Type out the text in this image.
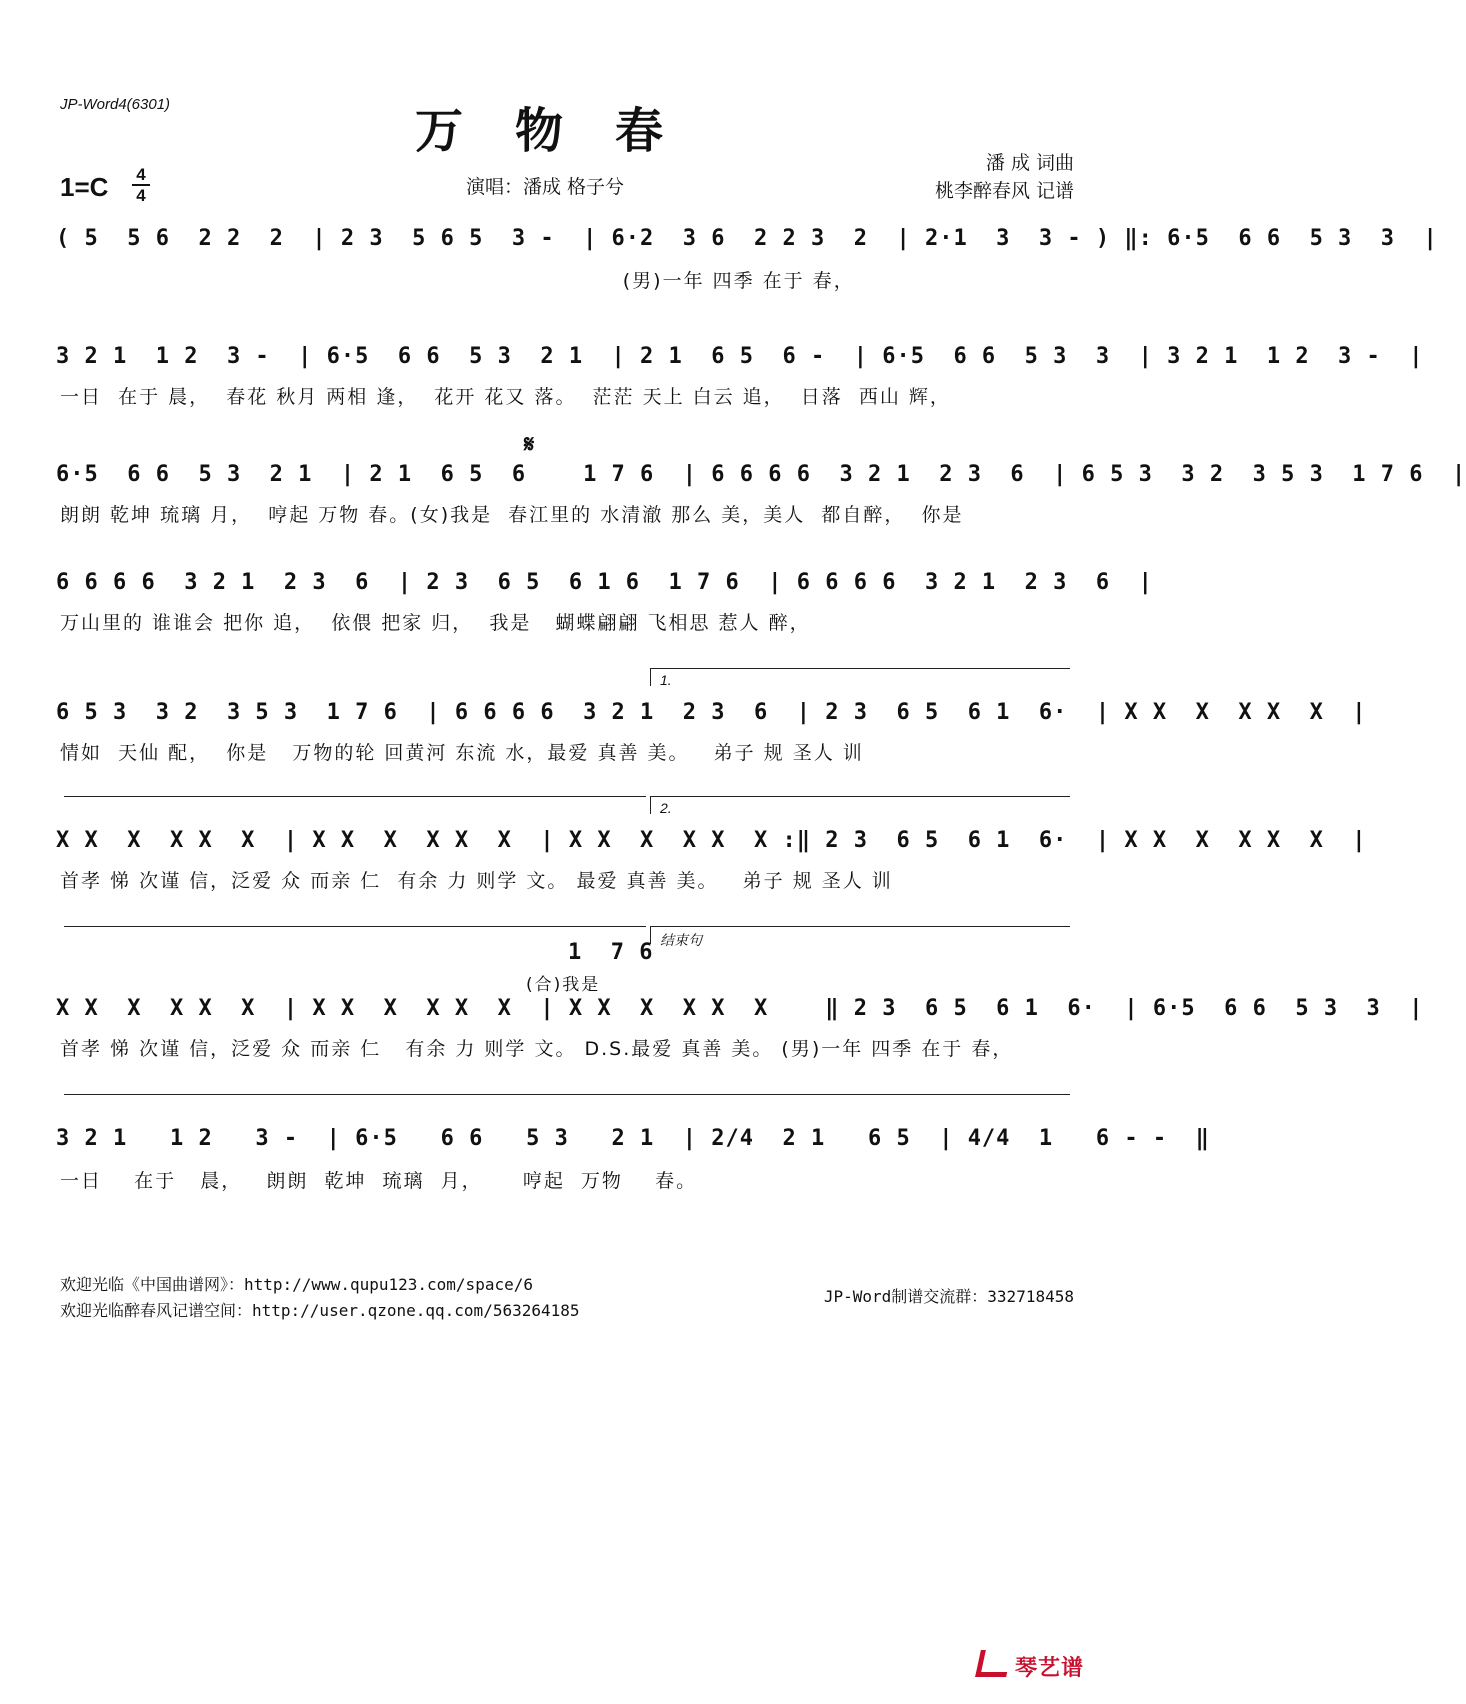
JP-Word4(6301)	万物春
潘 成 词曲
桃李醉春风 记谱
1=C 4
4	演唱：潘成 格子兮
( 5  5 6  2 2  2  | 2 3  5 6 5  3 -  | 6·2  3 6  2 2 3  2  | 2·1  3  3 - ) ‖: 6·5  6 6  5 3  3  |
(男)一年 四季 在于 春，
3 2 1  1 2  3 -  | 6·5  6 6  5 3  2 1  | 2 1  6 5  6 -  | 6·5  6 6  5 3  3  | 3 2 1  1 2  3 -  |
一日  在于 晨，  春花 秋月 两相 逢，  花开 花又 落。  茫茫 天上 白云 追，  日落  西山 辉，
𝄋
6·5  6 6  5 3  2 1  | 2 1  6 5  6    1 7 6  | 6 6 6 6  3 2 1  2 3  6  | 6 5 3  3 2  3 5 3  1 7 6  |
朗朗 乾坤 琉璃 月，  哼起 万物 春。(女)我是  春江里的 水清澈 那么 美，美人  都自醉，  你是
6 6 6 6  3 2 1  2 3  6  | 2 3  6 5  6 1 6  1 7 6  | 6 6 6 6  3 2 1  2 3  6  |
万山里的 谁谁会 把你 追，  依偎 把家 归，  我是   蝴蝶翩翩 飞相思 惹人 醉，
1.
6 5 3  3 2  3 5 3  1 7 6  | 6 6 6 6  3 2 1  2 3  6  | 2 3  6 5  6 1  6·  | X X  X  X X  X  |
情如  天仙 配，  你是   万物的轮 回黄河 东流 水，最爱 真善 美。   弟子 规 圣人 训
2.
X X  X  X X  X  | X X  X  X X  X  | X X  X  X X  X :‖ 2 3  6 5  6 1  6·  | X X  X  X X  X  |
首孝 悌 次谨 信，泛爱 众 而亲 仁  有余 力 则学 文。 最爱 真善 美。   弟子 规 圣人 训
结束句
1  7 6
(合)我是
X X  X  X X  X  | X X  X  X X  X  | X X  X  X X  X    ‖ 2 3  6 5  6 1  6·  | 6·5  6 6  5 3  3  |
首孝 悌 次谨 信，泛爱 众 而亲 仁   有余 力 则学 文。 D.S.最爱 真善 美。 (男)一年 四季 在于 春，
3 2 1   1 2   3 -  | 6·5   6 6   5 3   2 1  | 2/4  2 1   6 5  | 4/4  1   6 - -  ‖
一日    在于   晨，   朗朗  乾坤  琉璃  月，     哼起  万物    春。
欢迎光临《中国曲谱网》：http://www.qupu123.com/space/6
欢迎光临醉春风记谱空间：http://user.qzone.qq.com/563264185
JP-Word制谱交流群：332718458
琴艺谱
